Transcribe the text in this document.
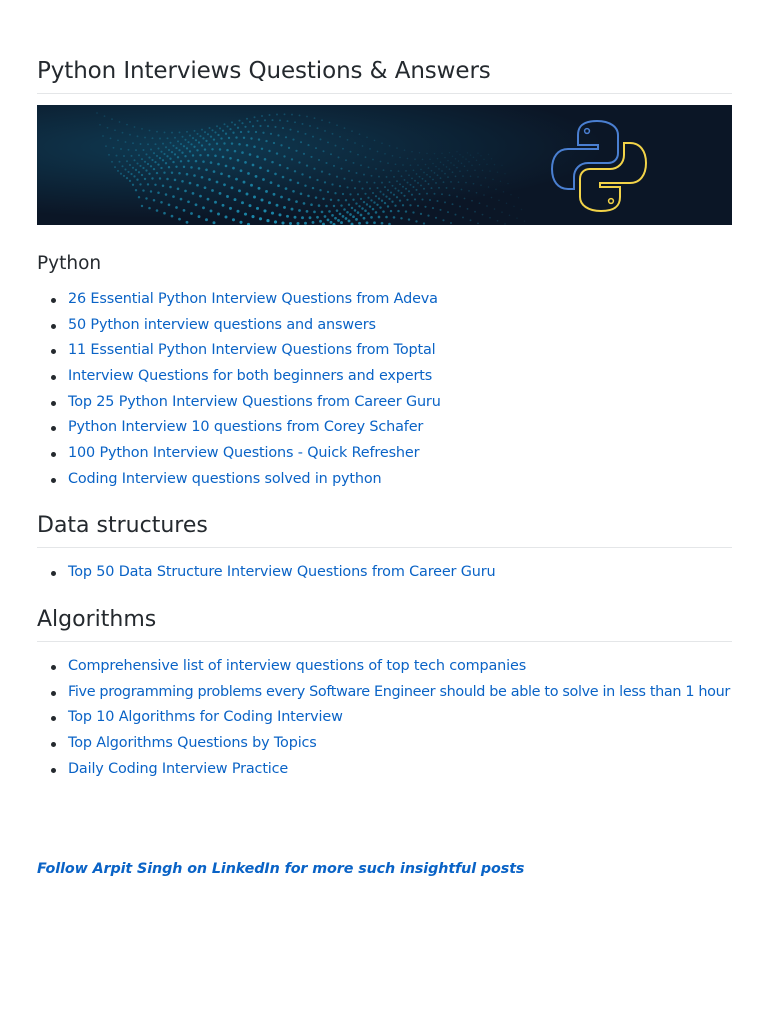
Python Interviews Questions & Answers
Python
26 Essential Python Interview Questions from Adeva
50 Python interview questions and answers
11 Essential Python Interview Questions from Toptal
Interview Questions for both beginners and experts
Top 25 Python Interview Questions from Career Guru
Python Interview 10 questions from Corey Schafer
100 Python Interview Questions - Quick Refresher
Coding Interview questions solved in python
Data structures
Top 50 Data Structure Interview Questions from Career Guru
Algorithms
Comprehensive list of interview questions of top tech companies
Five programming problems every Software Engineer should be able to solve in less than 1 hour
Top 10 Algorithms for Coding Interview
Top Algorithms Questions by Topics
Daily Coding Interview Practice
Follow Arpit Singh on LinkedIn for more such insightful posts
